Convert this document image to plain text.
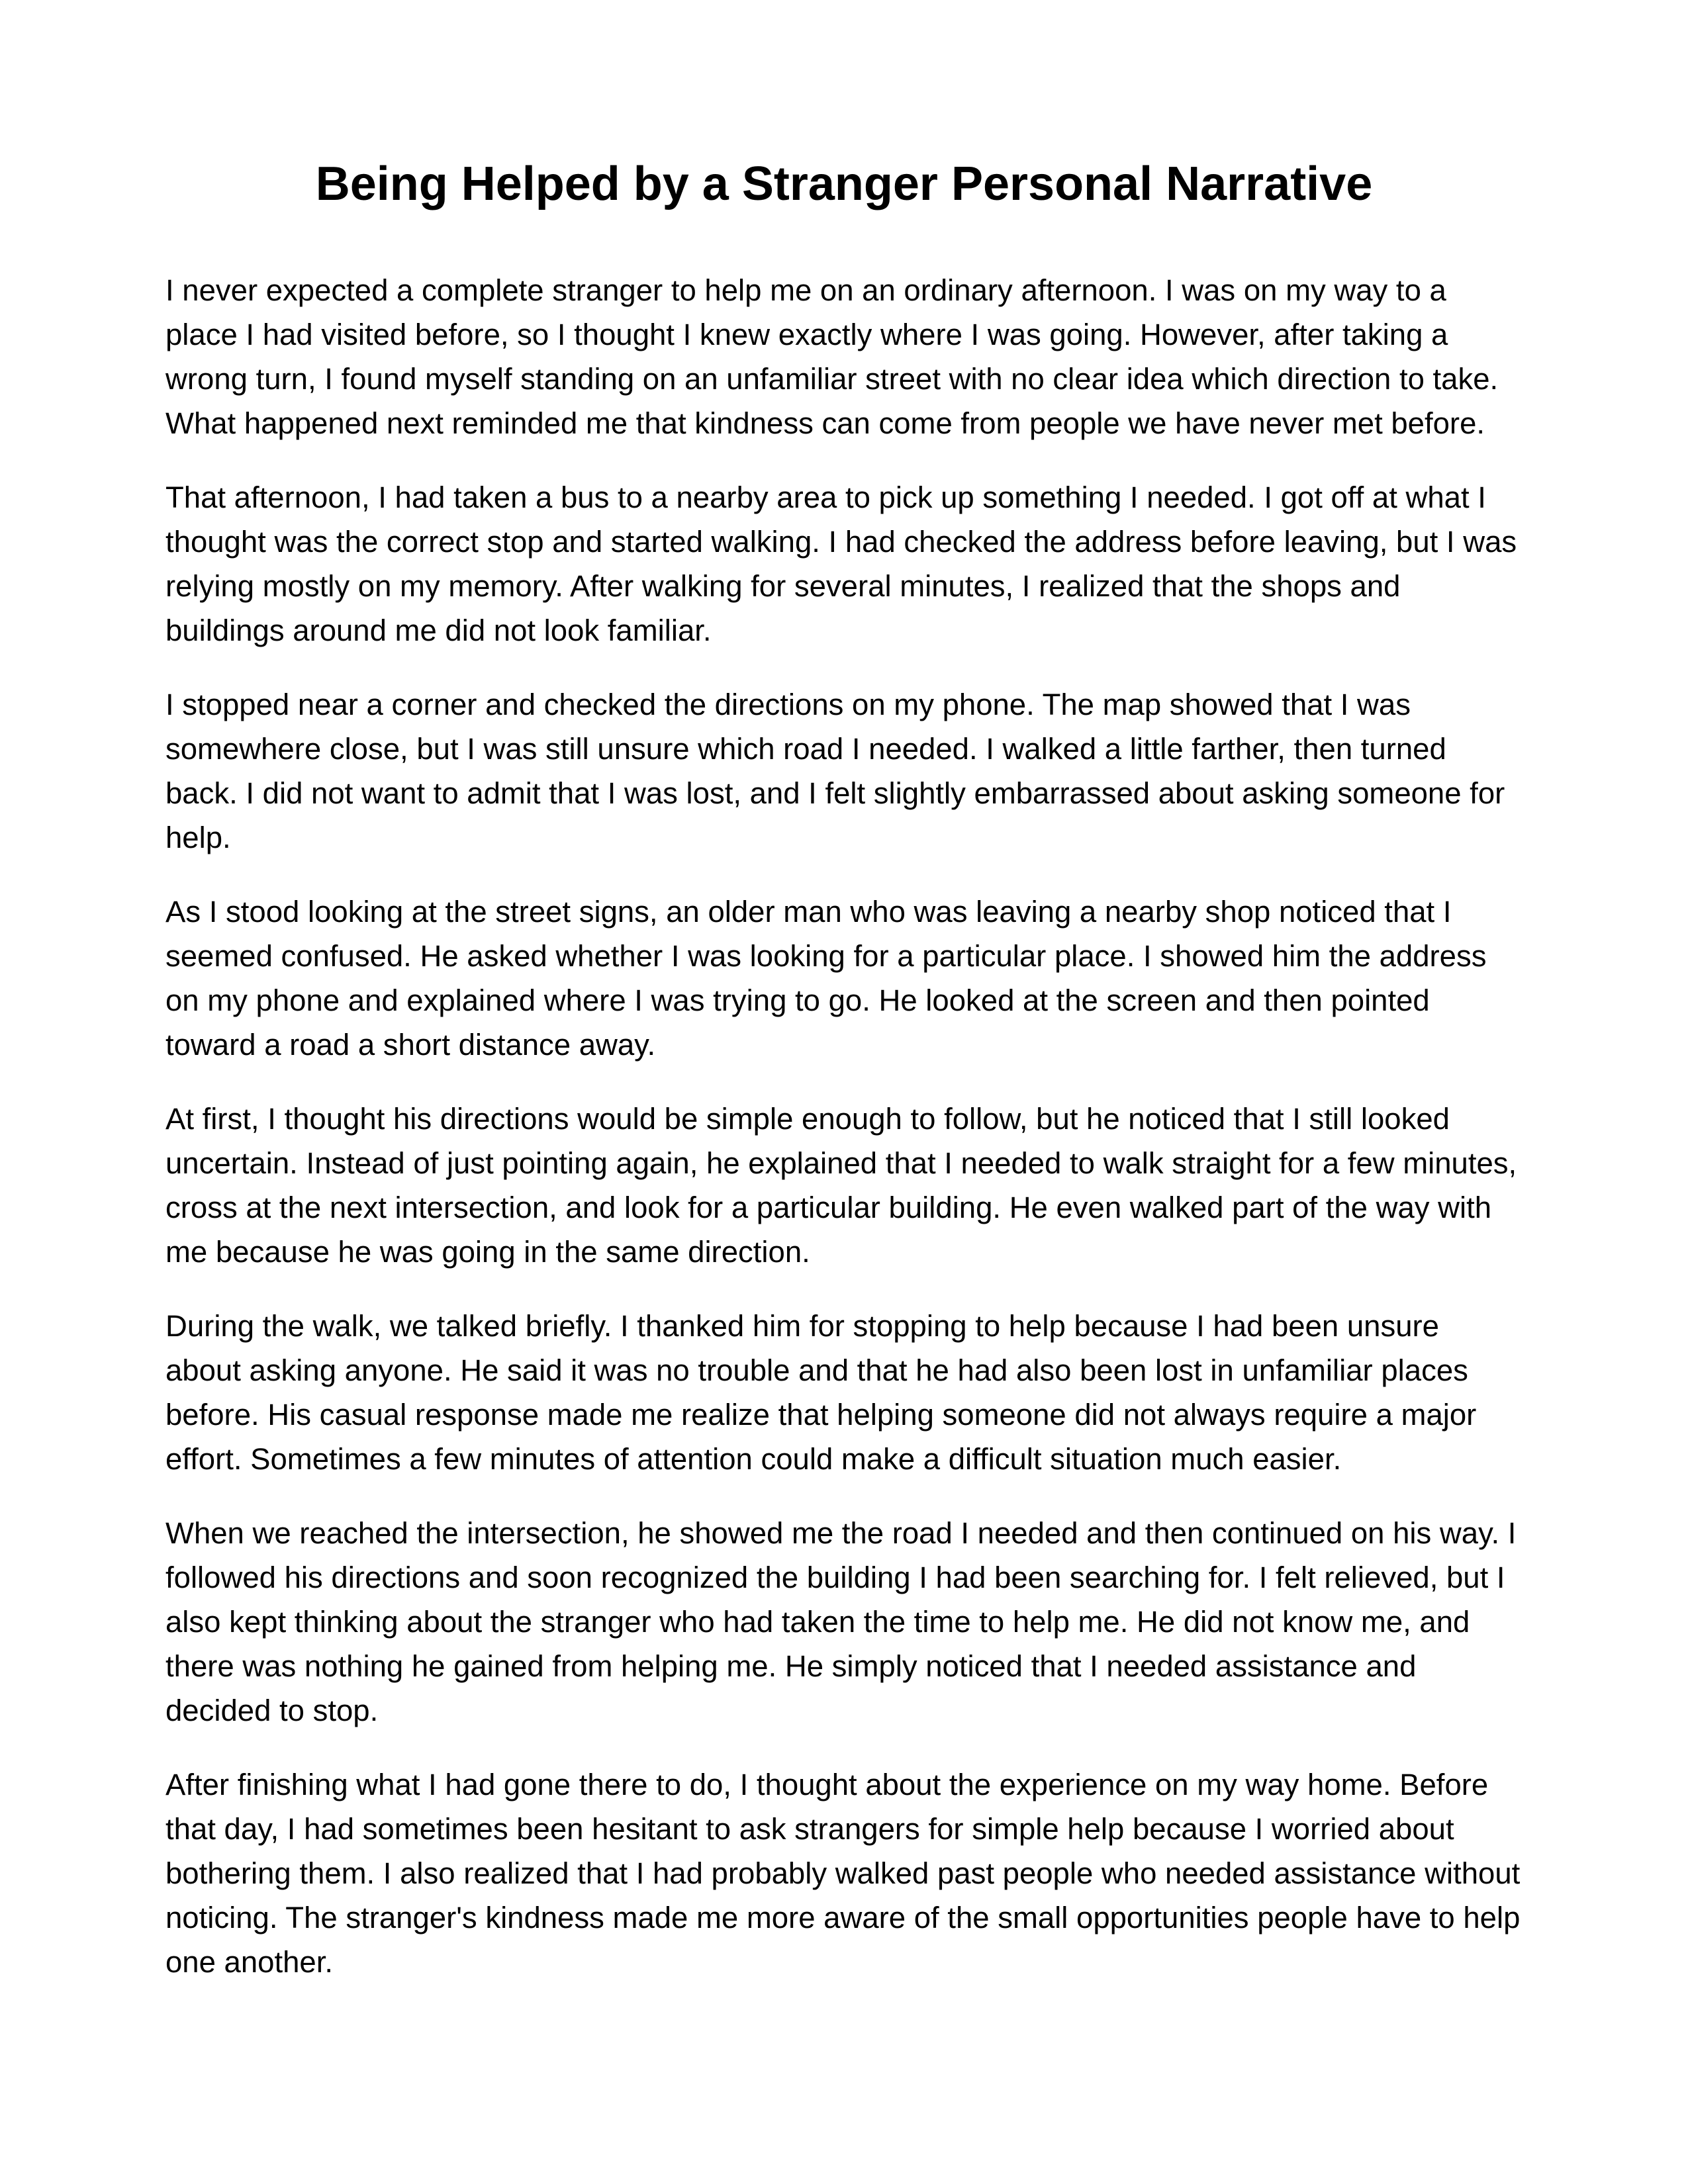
Being Helped by a Stranger Personal Narrative

I never expected a complete stranger to help me on an ordinary afternoon. I was on my way to a place I had visited before, so I thought I knew exactly where I was going. However, after taking a wrong turn, I found myself standing on an unfamiliar street with no clear idea which direction to take. What happened next reminded me that kindness can come from people we have never met before.

That afternoon, I had taken a bus to a nearby area to pick up something I needed. I got off at what I thought was the correct stop and started walking. I had checked the address before leaving, but I was relying mostly on my memory. After walking for several minutes, I realized that the shops and buildings around me did not look familiar.

I stopped near a corner and checked the directions on my phone. The map showed that I was somewhere close, but I was still unsure which road I needed. I walked a little farther, then turned back. I did not want to admit that I was lost, and I felt slightly embarrassed about asking someone for help.

As I stood looking at the street signs, an older man who was leaving a nearby shop noticed that I seemed confused. He asked whether I was looking for a particular place. I showed him the address on my phone and explained where I was trying to go. He looked at the screen and then pointed toward a road a short distance away.

At first, I thought his directions would be simple enough to follow, but he noticed that I still looked uncertain. Instead of just pointing again, he explained that I needed to walk straight for a few minutes, cross at the next intersection, and look for a particular building. He even walked part of the way with me because he was going in the same direction.

During the walk, we talked briefly. I thanked him for stopping to help because I had been unsure about asking anyone. He said it was no trouble and that he had also been lost in unfamiliar places before. His casual response made me realize that helping someone did not always require a major effort. Sometimes a few minutes of attention could make a difficult situation much easier.

When we reached the intersection, he showed me the road I needed and then continued on his way. I followed his directions and soon recognized the building I had been searching for. I felt relieved, but I also kept thinking about the stranger who had taken the time to help me. He did not know me, and there was nothing he gained from helping me. He simply noticed that I needed assistance and decided to stop.

After finishing what I had gone there to do, I thought about the experience on my way home. Before that day, I had sometimes been hesitant to ask strangers for simple help because I worried about bothering them. I also realized that I had probably walked past people who needed assistance without noticing. The stranger's kindness made me more aware of the small opportunities people have to help one another.
